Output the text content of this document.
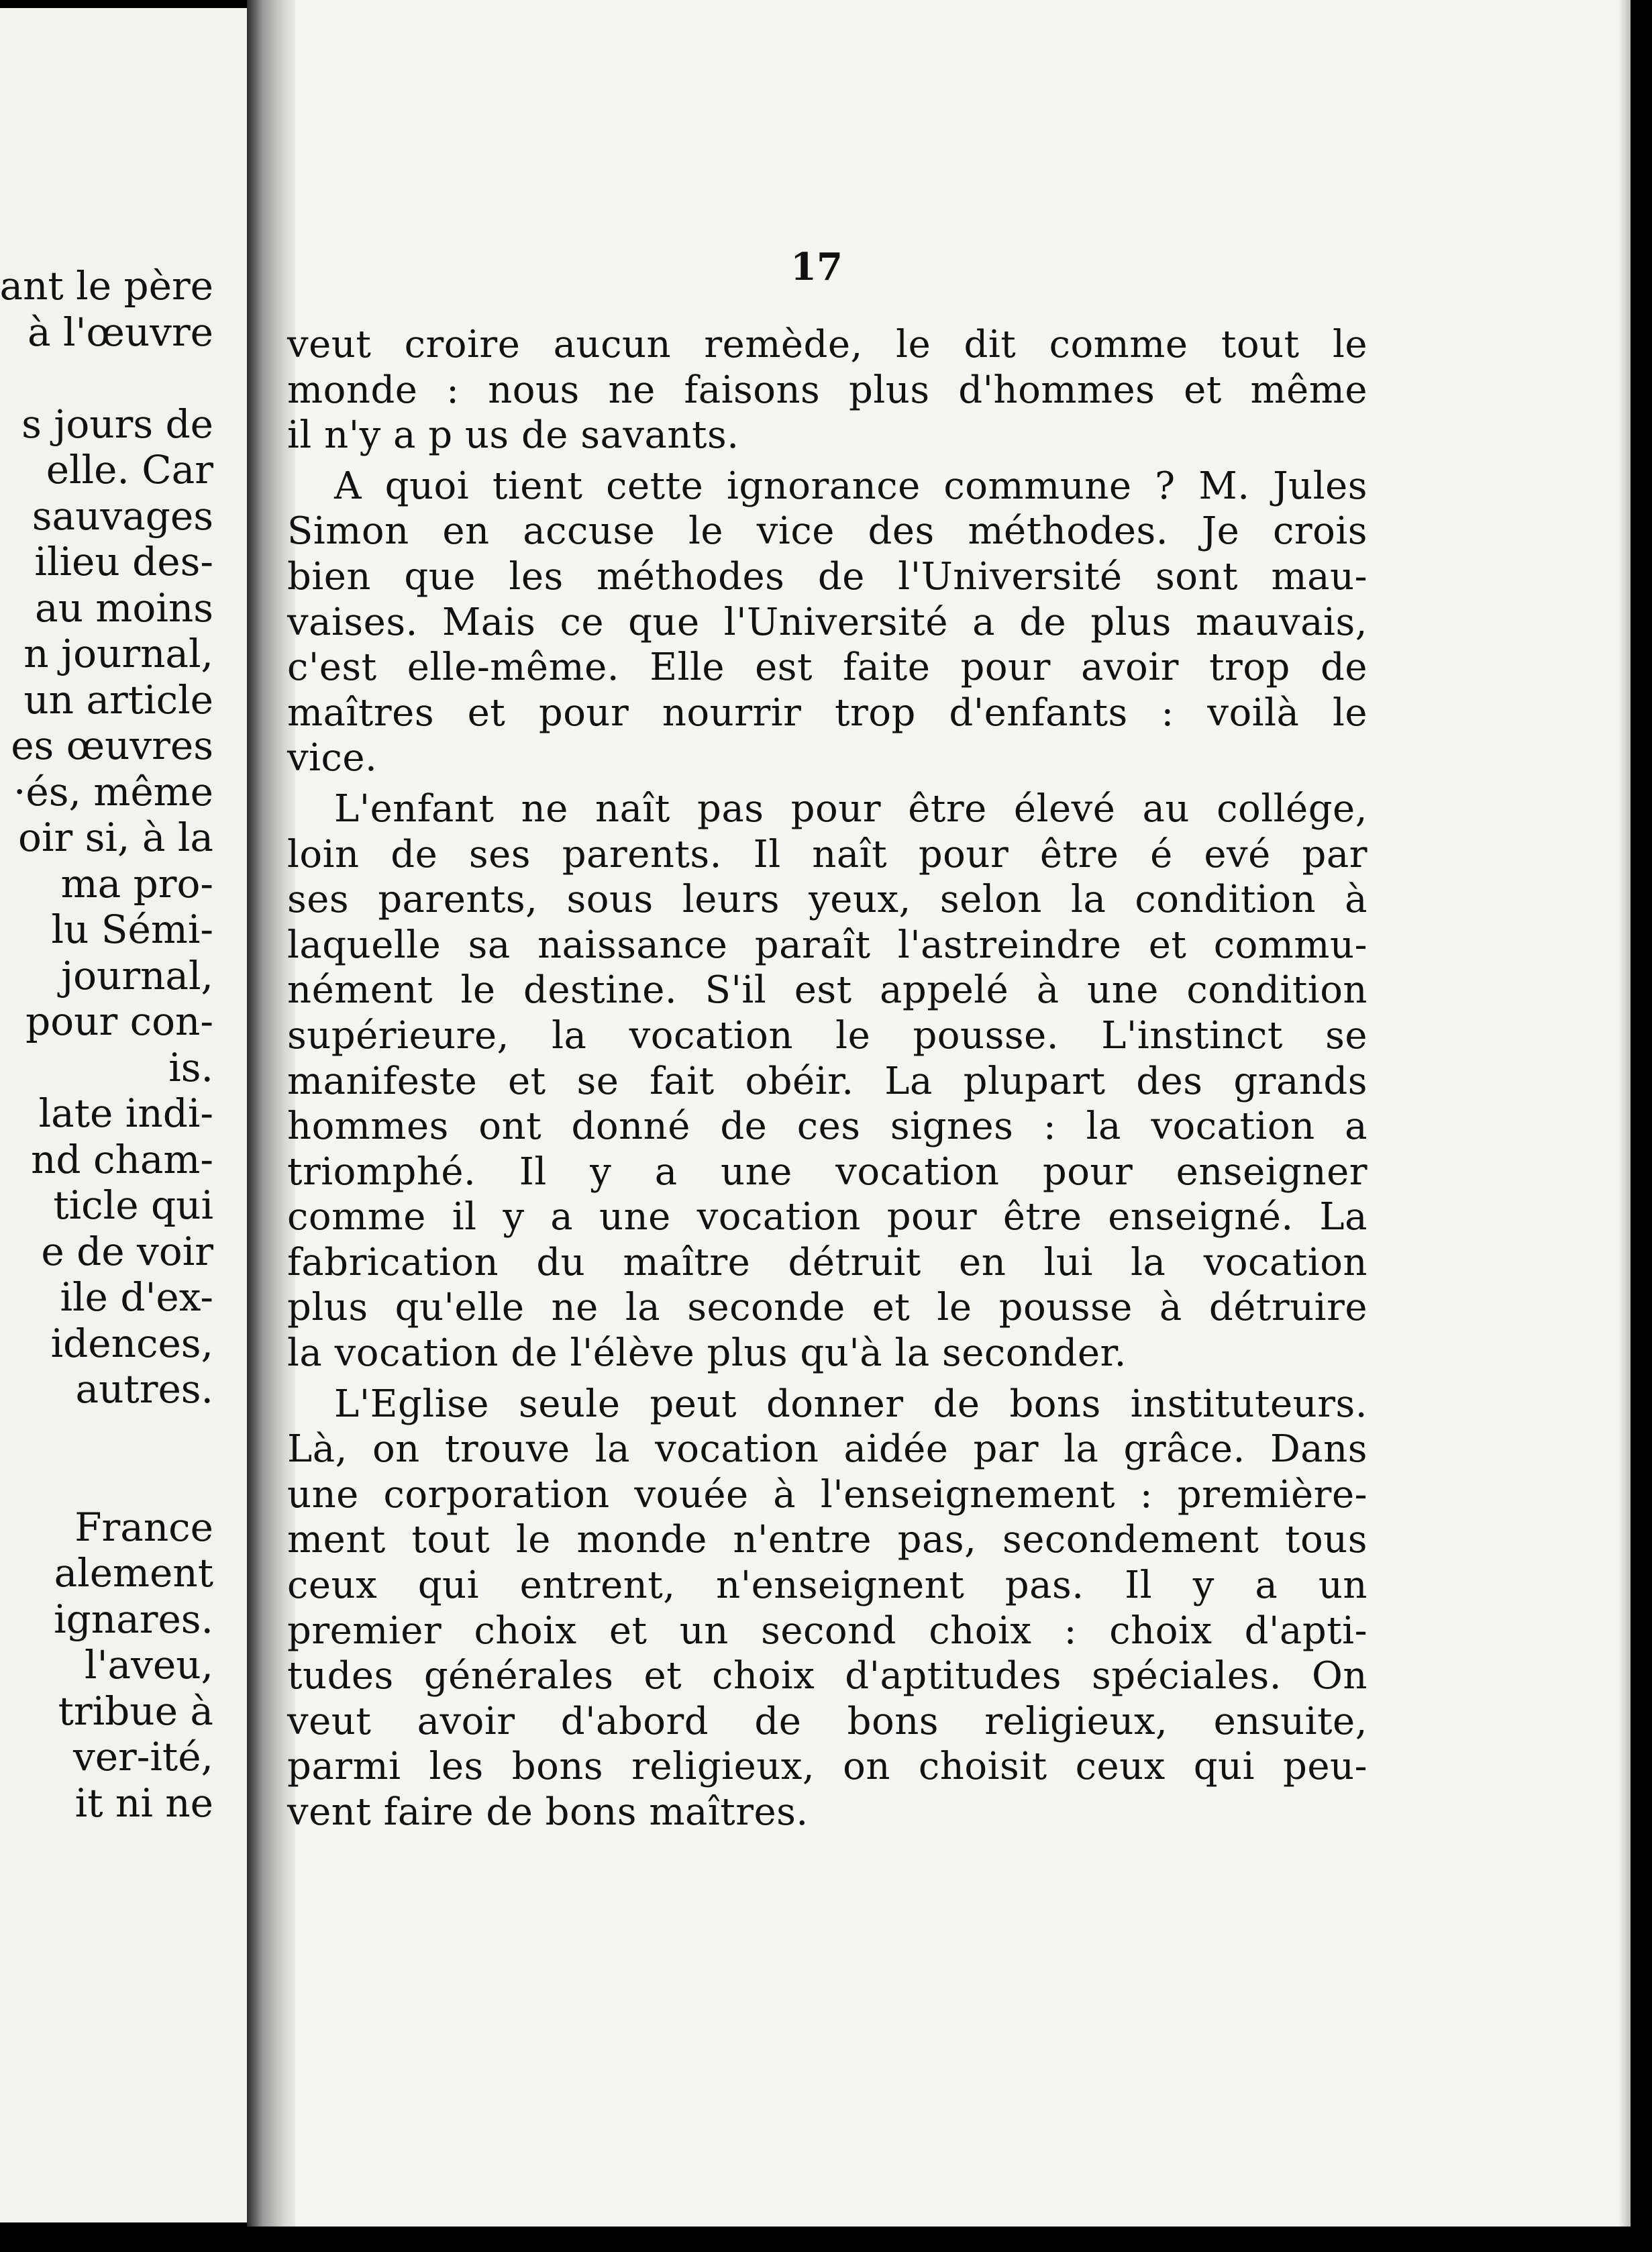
ant le père
à l'œuvre
s jours de
elle. Car
sauvages
ilieu des-
au moins
n journal,
un article
es œuvres
·és, même
oir si, à la
ma pro-
lu Sémi-
journal,
pour con-
is.
late indi-
nd cham-
ticle qui
e de voir
ile d'ex-
idences,
autres.
France
alement
ignares.
l'aveu,
tribue à
ver-ité,
it ni ne
17
veut croire aucun remède, le dit comme tout le
monde : nous ne faisons plus d'hommes et même
il n'y a p us de savants.
A quoi tient cette ignorance commune ? M. Jules
Simon en accuse le vice des méthodes. Je crois
bien que les méthodes de l'Université sont mau-
vaises. Mais ce que l'Université a de plus mauvais,
c'est elle-même. Elle est faite pour avoir trop de
maîtres et pour nourrir trop d'enfants : voilà le
vice.
L'enfant ne naît pas pour être élevé au collége,
loin de ses parents. Il naît pour être é evé par
ses parents, sous leurs yeux, selon la condition à
laquelle sa naissance paraît l'astreindre et commu-
nément le destine. S'il est appelé à une condition
supérieure, la vocation le pousse. L'instinct se
manifeste et se fait obéir. La plupart des grands
hommes ont donné de ces signes : la vocation a
triomphé. Il y a une vocation pour enseigner
comme il y a une vocation pour être enseigné. La
fabrication du maître détruit en lui la vocation
plus qu'elle ne la seconde et le pousse à détruire
la vocation de l'élève plus qu'à la seconder.
L'Eglise seule peut donner de bons instituteurs.
Là, on trouve la vocation aidée par la grâce. Dans
une corporation vouée à l'enseignement : première-
ment tout le monde n'entre pas, secondement tous
ceux qui entrent, n'enseignent pas. Il y a un
premier choix et un second choix : choix d'apti-
tudes générales et choix d'aptitudes spéciales. On
veut avoir d'abord de bons religieux, ensuite,
parmi les bons religieux, on choisit ceux qui peu-
vent faire de bons maîtres.
